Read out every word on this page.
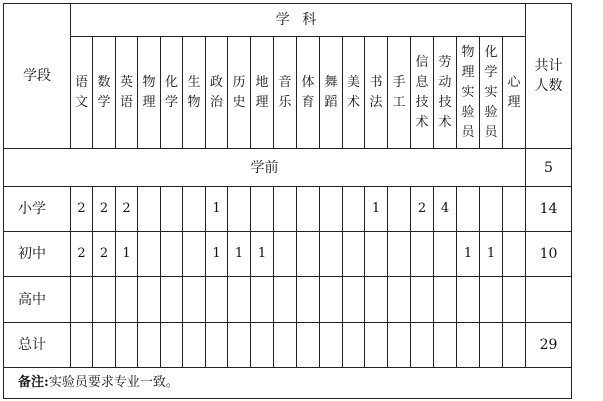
学段	学 科																				共计人数
	语文	数学	英语	物理	化学	生物	政治	历史	地理	音乐	体育	舞蹈	美术	书法	手工	信息技术	劳动技术	物理实验员	化学实验员	心理	
学前																					5
小学	2	2	2				1							1		2	4				14
初中	2	2	1				1	1	1									1	1		10
高中																					
总计																					29
备注:实验员要求专业一致。																					
